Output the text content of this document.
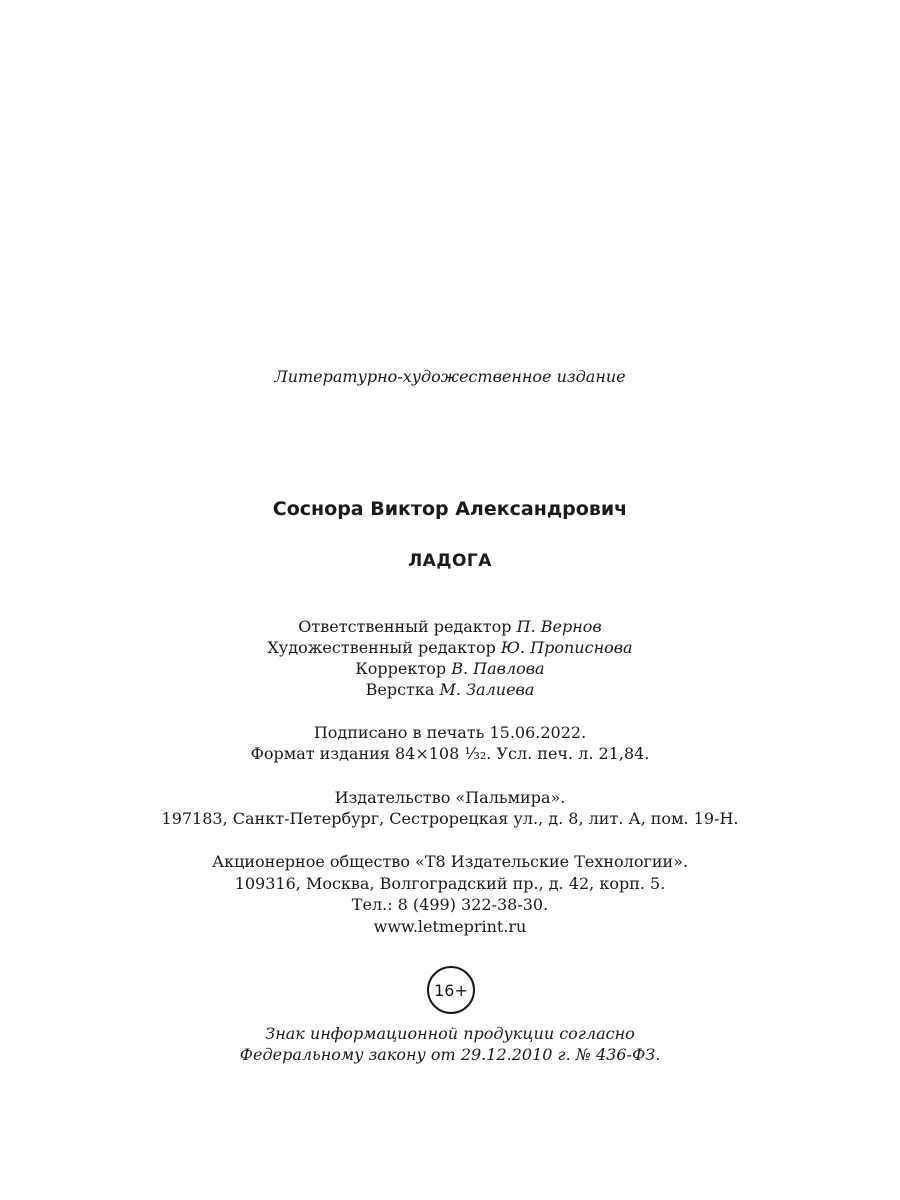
Литературно-художественное издание
Соснора Виктор Александрович
ЛАДОГА
Ответственный редактор П. Вернов
Художественный редактор Ю. Прописнова
Корректор В. Павлова
Верстка М. Залиева
Подписано в печать 15.06.2022.
Формат издания 84×108 ¹⁄₃₂. Усл. печ. л. 21,84.
Издательство «Пальмира».
197183, Санкт-Петербург, Сестрорецкая ул., д. 8, лит. А, пом. 19-Н.
Акционерное общество «Т8 Издательские Технологии».
109316, Москва, Волгоградский пр., д. 42, корп. 5.
Тел.: 8 (499) 322-38-30.
www.letmeprint.ru
16+
Знак информационной продукции согласно
Федеральному закону от 29.12.2010 г. № 436-ФЗ.
